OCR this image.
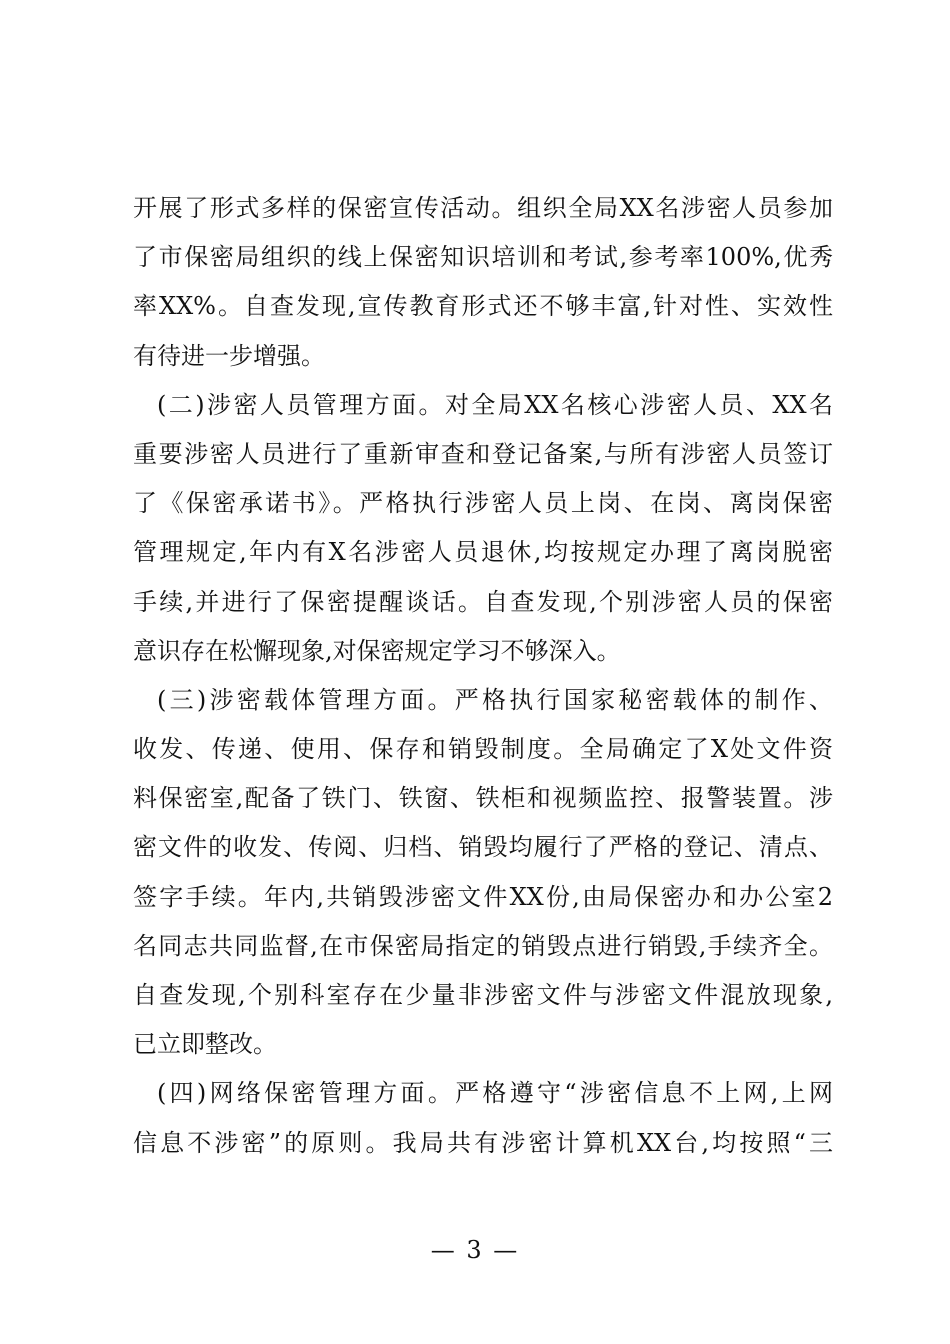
开展了形式多样的保密宣传活动。组织全局XX名涉密人员参加
了市保密局组织的线上保密知识培训和考试,参考率100%,优秀
率XX%。自查发现,宣传教育形式还不够丰富,针对性、实效性
有待进一步增强。
(二)涉密人员管理方面。对全局XX名核心涉密人员、XX名
重要涉密人员进行了重新审查和登记备案,与所有涉密人员签订
了《保密承诺书》。严格执行涉密人员上岗、在岗、离岗保密
管理规定,年内有X名涉密人员退休,均按规定办理了离岗脱密
手续,并进行了保密提醒谈话。自查发现,个别涉密人员的保密
意识存在松懈现象,对保密规定学习不够深入。
(三)涉密载体管理方面。严格执行国家秘密载体的制作、
收发、传递、使用、保存和销毁制度。全局确定了X处文件资
料保密室,配备了铁门、铁窗、铁柜和视频监控、报警装置。涉
密文件的收发、传阅、归档、销毁均履行了严格的登记、清点、
签字手续。年内,共销毁涉密文件XX份,由局保密办和办公室2
名同志共同监督,在市保密局指定的销毁点进行销毁,手续齐全。
自查发现,个别科室存在少量非涉密文件与涉密文件混放现象,
已立即整改。
(四)网络保密管理方面。严格遵守“涉密信息不上网,上网
信息不涉密”的原则。我局共有涉密计算机XX台,均按照“三
— 3 —
